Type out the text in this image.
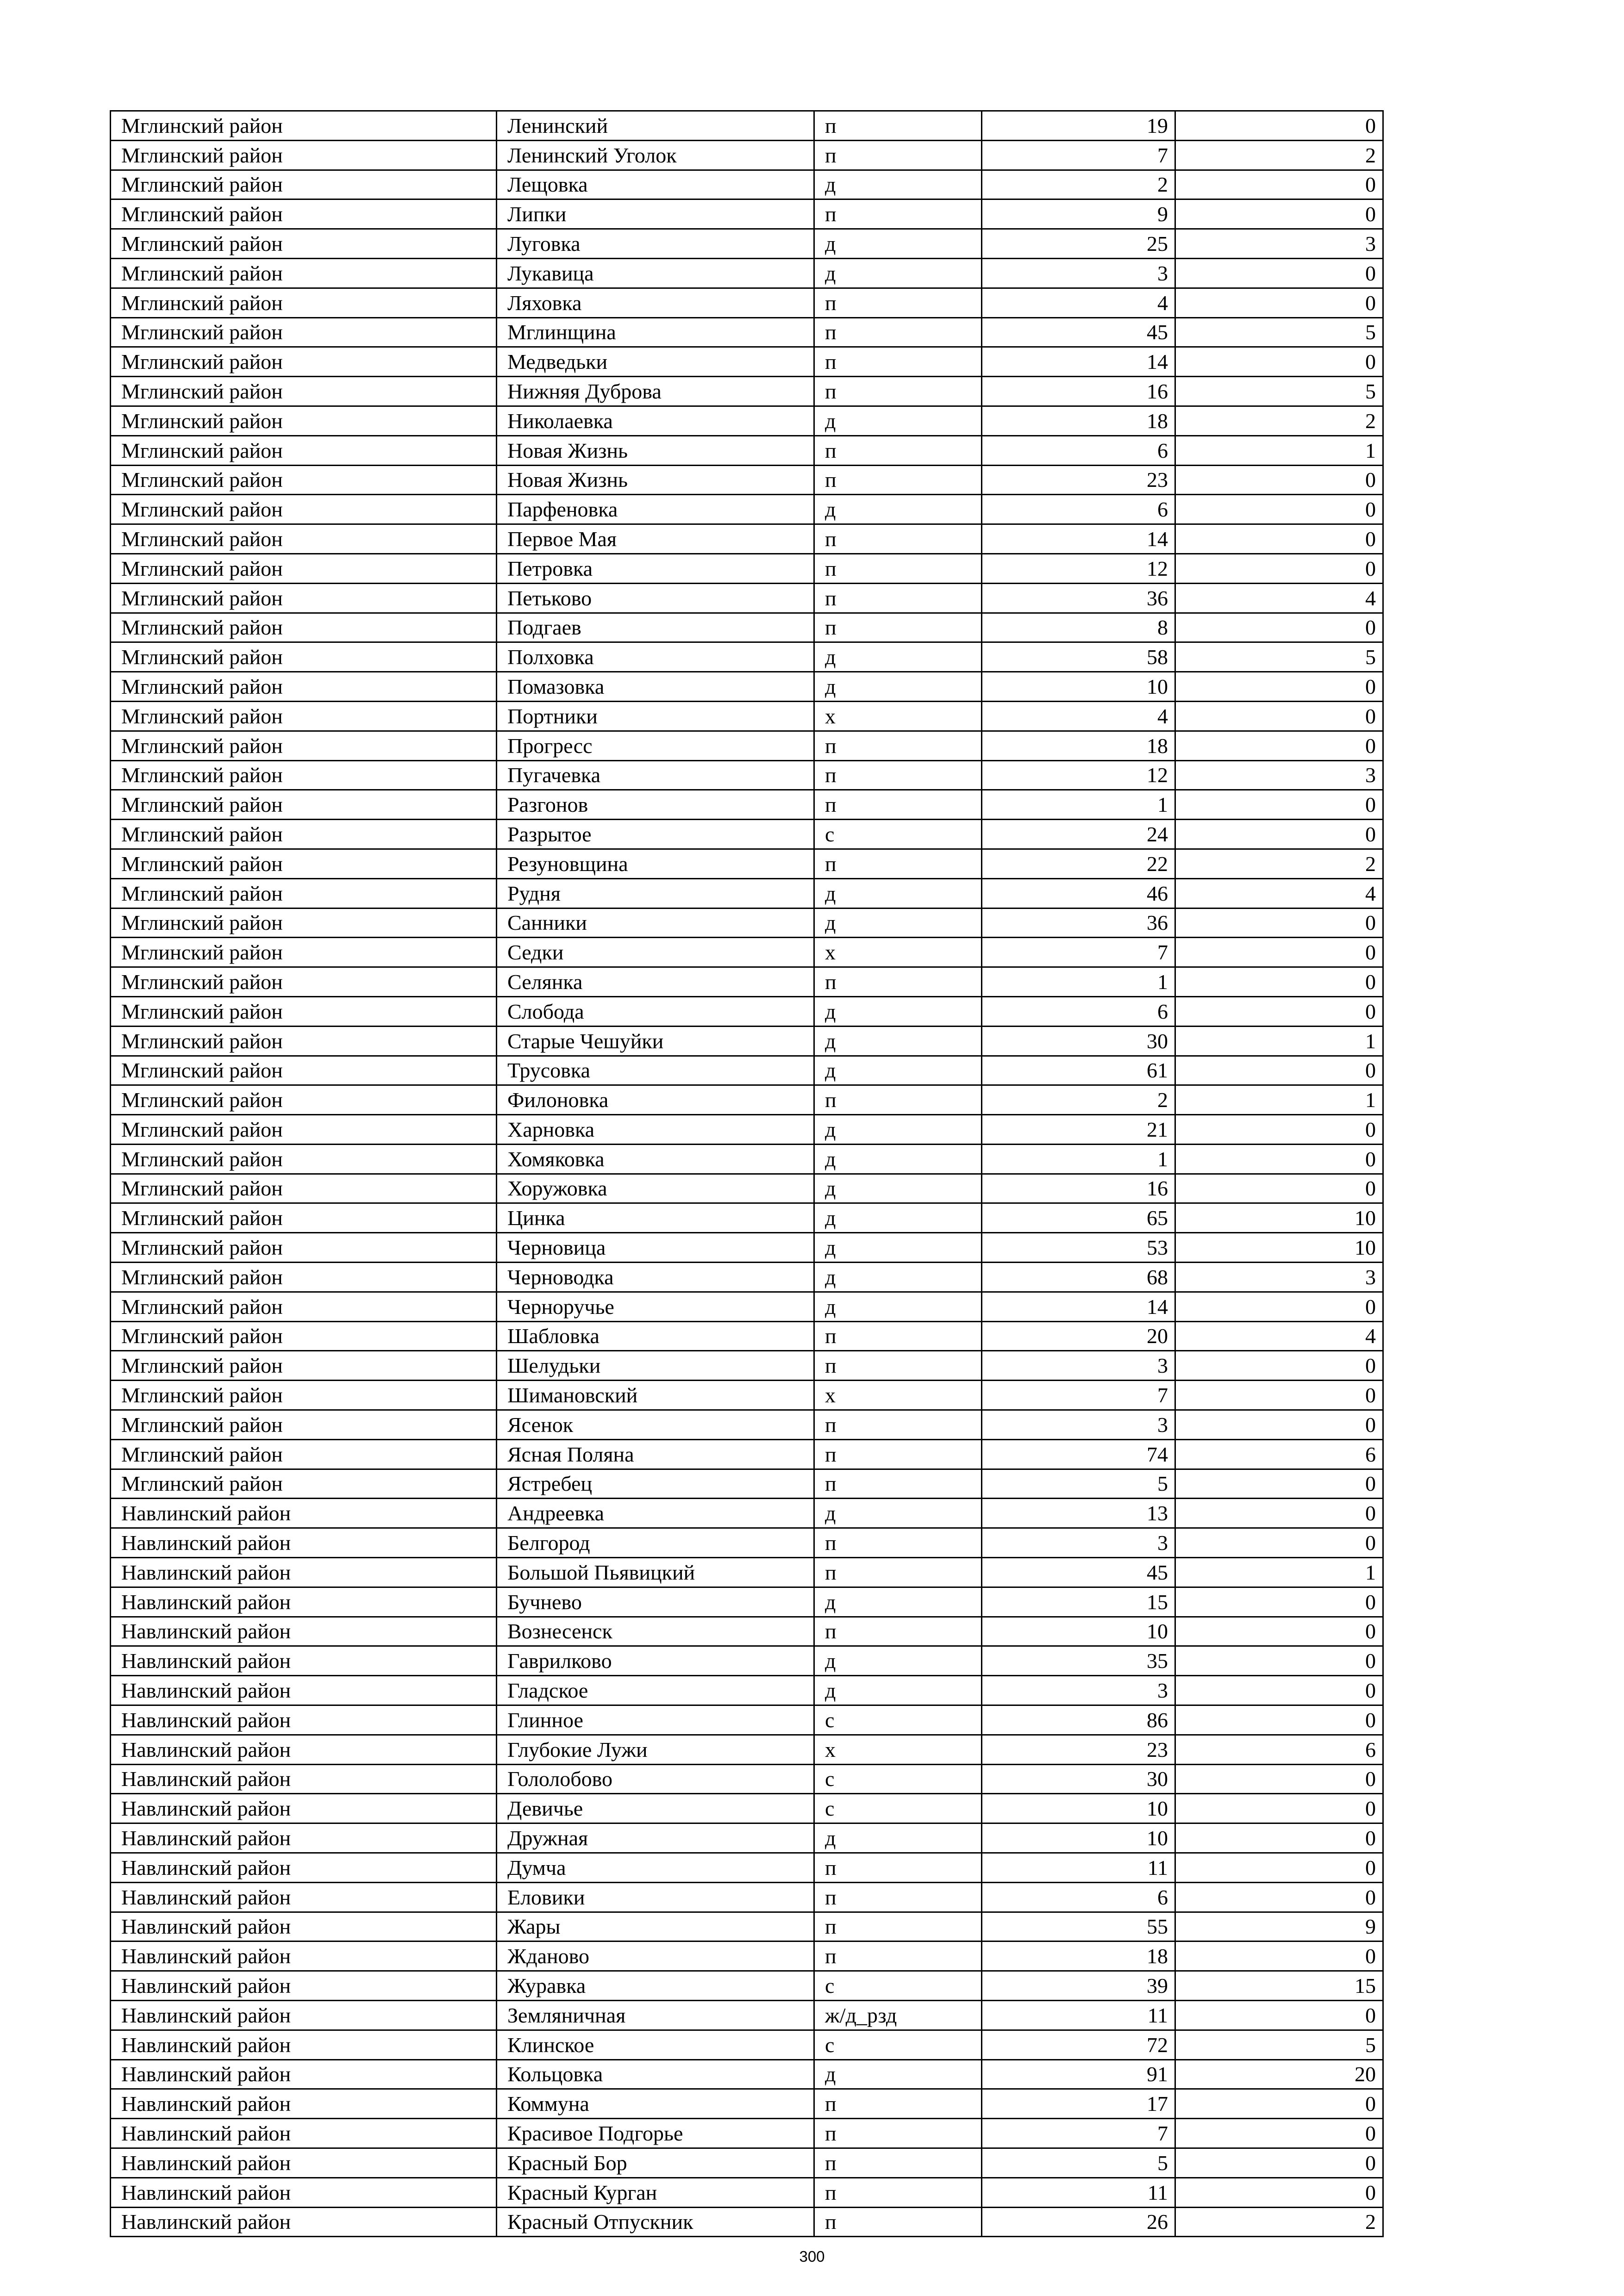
Мглинский район	Ленинский	п	19	0
Мглинский район	Ленинский Уголок	п	7	2
Мглинский район	Лещовка	д	2	0
Мглинский район	Липки	п	9	0
Мглинский район	Луговка	д	25	3
Мглинский район	Лукавица	д	3	0
Мглинский район	Ляховка	п	4	0
Мглинский район	Мглинщина	п	45	5
Мглинский район	Медведьки	п	14	0
Мглинский район	Нижняя Дуброва	п	16	5
Мглинский район	Николаевка	д	18	2
Мглинский район	Новая Жизнь	п	6	1
Мглинский район	Новая Жизнь	п	23	0
Мглинский район	Парфеновка	д	6	0
Мглинский район	Первое Мая	п	14	0
Мглинский район	Петровка	п	12	0
Мглинский район	Петьково	п	36	4
Мглинский район	Подгаев	п	8	0
Мглинский район	Полховка	д	58	5
Мглинский район	Помазовка	д	10	0
Мглинский район	Портники	х	4	0
Мглинский район	Прогресс	п	18	0
Мглинский район	Пугачевка	п	12	3
Мглинский район	Разгонов	п	1	0
Мглинский район	Разрытое	с	24	0
Мглинский район	Резуновщина	п	22	2
Мглинский район	Рудня	д	46	4
Мглинский район	Санники	д	36	0
Мглинский район	Седки	х	7	0
Мглинский район	Селянка	п	1	0
Мглинский район	Слобода	д	6	0
Мглинский район	Старые Чешуйки	д	30	1
Мглинский район	Трусовка	д	61	0
Мглинский район	Филоновка	п	2	1
Мглинский район	Харновка	д	21	0
Мглинский район	Хомяковка	д	1	0
Мглинский район	Хоружовка	д	16	0
Мглинский район	Цинка	д	65	10
Мглинский район	Черновица	д	53	10
Мглинский район	Черноводка	д	68	3
Мглинский район	Черноручье	д	14	0
Мглинский район	Шабловка	п	20	4
Мглинский район	Шелудьки	п	3	0
Мглинский район	Шимановский	х	7	0
Мглинский район	Ясенок	п	3	0
Мглинский район	Ясная Поляна	п	74	6
Мглинский район	Ястребец	п	5	0
Навлинский район	Андреевка	д	13	0
Навлинский район	Белгород	п	3	0
Навлинский район	Большой Пьявицкий	п	45	1
Навлинский район	Бучнево	д	15	0
Навлинский район	Вознесенск	п	10	0
Навлинский район	Гаврилково	д	35	0
Навлинский район	Гладское	д	3	0
Навлинский район	Глинное	с	86	0
Навлинский район	Глубокие Лужи	х	23	6
Навлинский район	Гололобово	с	30	0
Навлинский район	Девичье	с	10	0
Навлинский район	Дружная	д	10	0
Навлинский район	Думча	п	11	0
Навлинский район	Еловики	п	6	0
Навлинский район	Жары	п	55	9
Навлинский район	Жданово	п	18	0
Навлинский район	Журавка	с	39	15
Навлинский район	Земляничная	ж/д_рзд	11	0
Навлинский район	Клинское	с	72	5
Навлинский район	Кольцовка	д	91	20
Навлинский район	Коммуна	п	17	0
Навлинский район	Красивое Подгорье	п	7	0
Навлинский район	Красный Бор	п	5	0
Навлинский район	Красный Курган	п	11	0
Навлинский район	Красный Отпускник	п	26	2
300
